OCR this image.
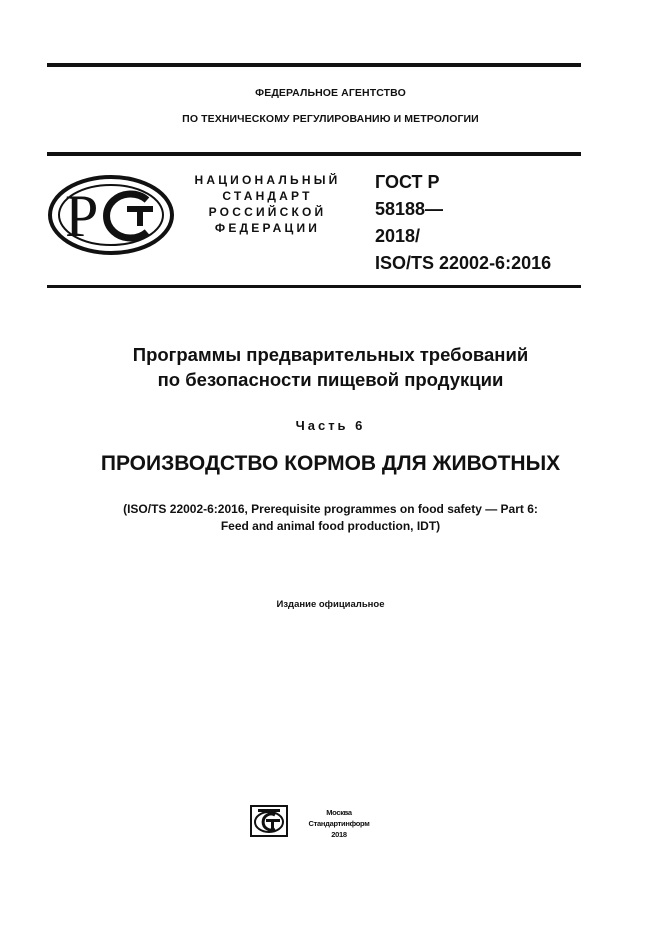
ФЕДЕРАЛЬНОЕ АГЕНТСТВО
ПО ТЕХНИЧЕСКОМУ РЕГУЛИРОВАНИЮ И МЕТРОЛОГИИ
Р
НАЦИОНАЛЬНЫЙ
СТАНДАРТ
РОССИЙСКОЙ
ФЕДЕРАЦИИ
ГОСТ Р
58188—
2018/
ISO/TS 22002-6:2016
Программы предварительных требований
по безопасности пищевой продукции
Часть 6
ПРОИЗВОДСТВО КОРМОВ ДЛЯ ЖИВОТНЫХ
(ISO/TS 22002-6:2016, Prerequisite programmes on food safety — Part 6:
Feed and animal food production, IDT)
Издание официальное
Москва
Стандартинформ
2018
